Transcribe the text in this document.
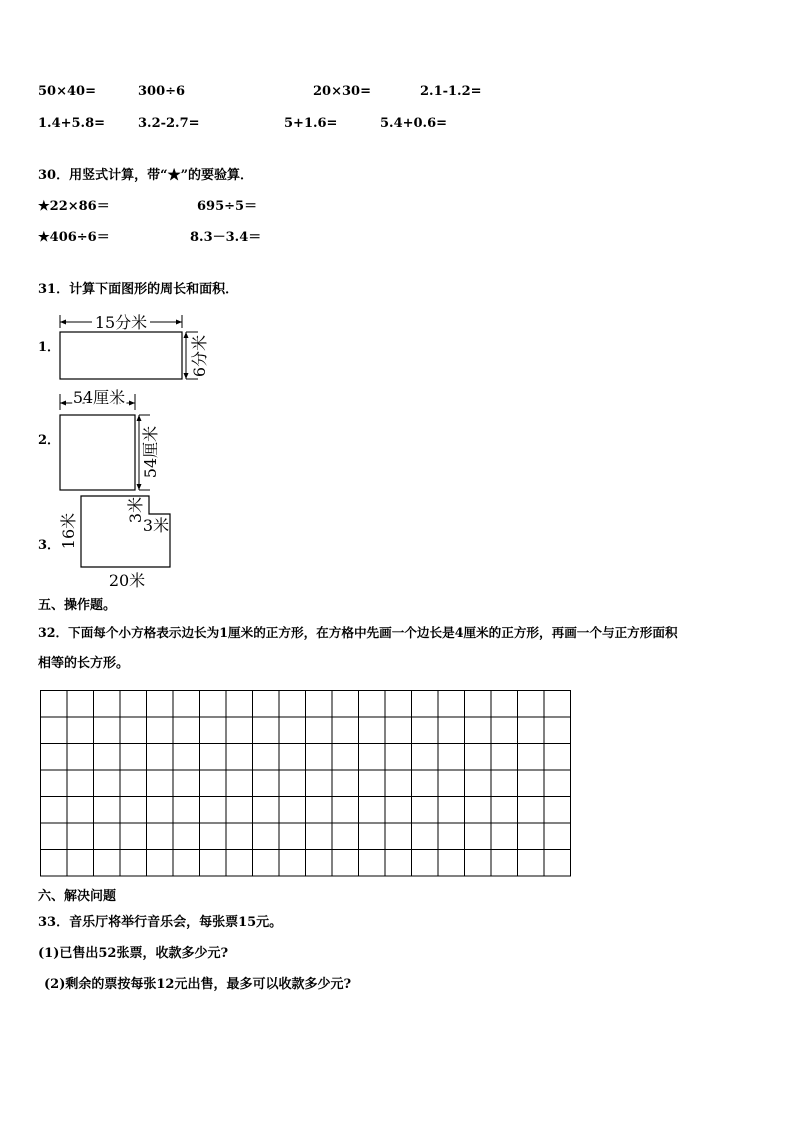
50×40=	300÷6	20×30=	2.1-1.2=
1.4+5.8=	3.2-2.7=	5+1.6=	5.4+0.6=
30．用竖式计算，带“★”的要验算．
★22×86＝	695÷5＝
★406÷6＝	8.3－3.4＝
31．计算下面图形的周长和面积．
1．
15分米
6分米
2．
54厘米
54厘米
3．
16米
3米
3米
20米
五、操作题。
32．下面每个小方格表示边长为1厘米的正方形，在方格中先画一个边长是4厘米的正方形，再画一个与正方形面积
相等的长方形。
六、解决问题
33．音乐厅将举行音乐会，每张票15元。
(1)已售出52张票，收款多少元?
(2)剩余的票按每张12元出售，最多可以收款多少元?
